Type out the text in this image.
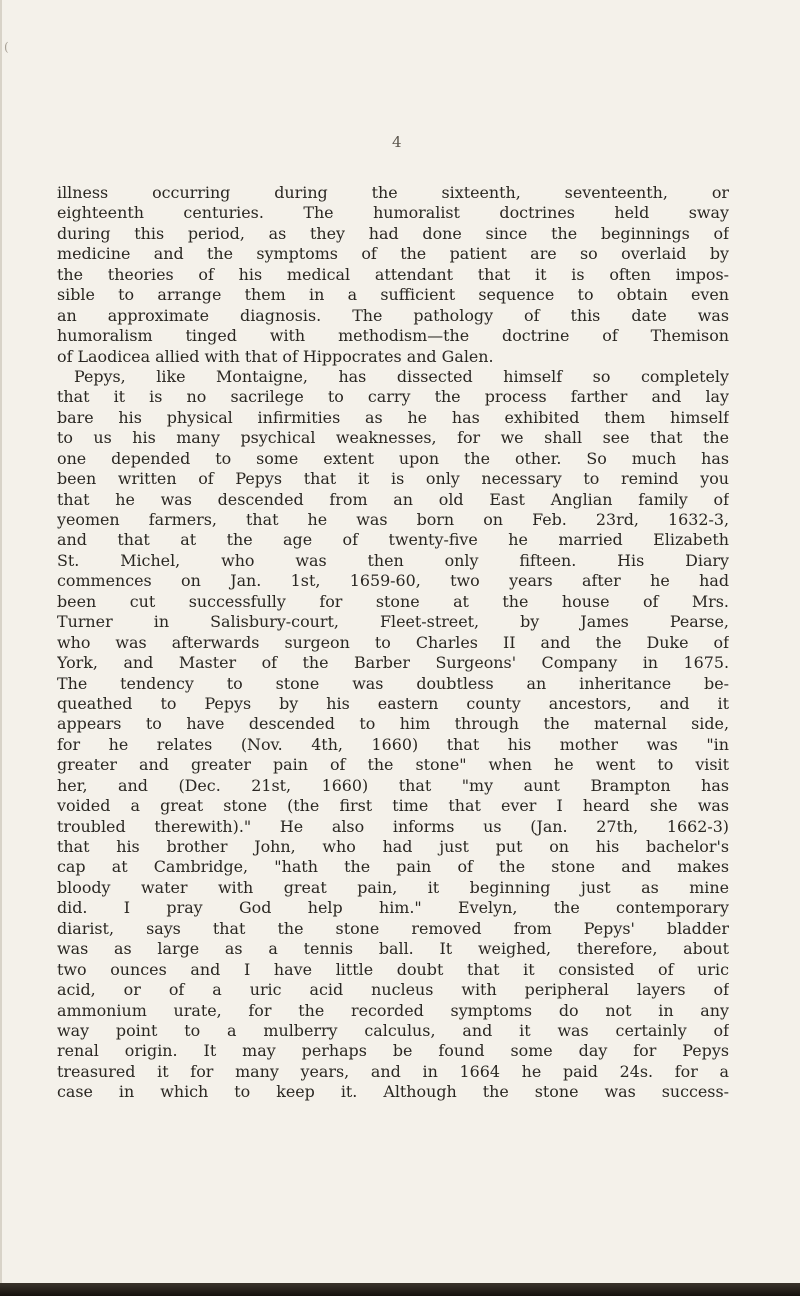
(
4
illness occurring during the sixteenth, seventeenth, or
eighteenth centuries. The humoralist doctrines held sway
during this period, as they had done since the beginnings of
medicine and the symptoms of the patient are so overlaid by
the theories of his medical attendant that it is often impos-
sible to arrange them in a sufficient sequence to obtain even
an approximate diagnosis. The pathology of this date was
humoralism tinged with methodism—the doctrine of Themison
of Laodicea allied with that of Hippocrates and Galen.
Pepys, like Montaigne, has dissected himself so completely
that it is no sacrilege to carry the process farther and lay
bare his physical infirmities as he has exhibited them himself
to us his many psychical weaknesses, for we shall see that the
one depended to some extent upon the other. So much has
been written of Pepys that it is only necessary to remind you
that he was descended from an old East Anglian family of
yeomen farmers, that he was born on Feb. 23rd, 1632-3,
and that at the age of twenty-five he married Elizabeth
St. Michel, who was then only fifteen. His Diary
commences on Jan. 1st, 1659-60, two years after he had
been cut successfully for stone at the house of Mrs.
Turner in Salisbury-court, Fleet-street, by James Pearse,
who was afterwards surgeon to Charles II and the Duke of
York, and Master of the Barber Surgeons' Company in 1675.
The tendency to stone was doubtless an inheritance be-
queathed to Pepys by his eastern county ancestors, and it
appears to have descended to him through the maternal side,
for he relates (Nov. 4th, 1660) that his mother was "in
greater and greater pain of the stone" when he went to visit
her, and (Dec. 21st, 1660) that "my aunt Brampton has
voided a great stone (the first time that ever I heard she was
troubled therewith)." He also informs us (Jan. 27th, 1662-3)
that his brother John, who had just put on his bachelor's
cap at Cambridge, "hath the pain of the stone and makes
bloody water with great pain, it beginning just as mine
did. I pray God help him." Evelyn, the contemporary
diarist, says that the stone removed from Pepys' bladder
was as large as a tennis ball. It weighed, therefore, about
two ounces and I have little doubt that it consisted of uric
acid, or of a uric acid nucleus with peripheral layers of
ammonium urate, for the recorded symptoms do not in any
way point to a mulberry calculus, and it was certainly of
renal origin. It may perhaps be found some day for Pepys
treasured it for many years, and in 1664 he paid 24s. for a
case in which to keep it. Although the stone was success-
